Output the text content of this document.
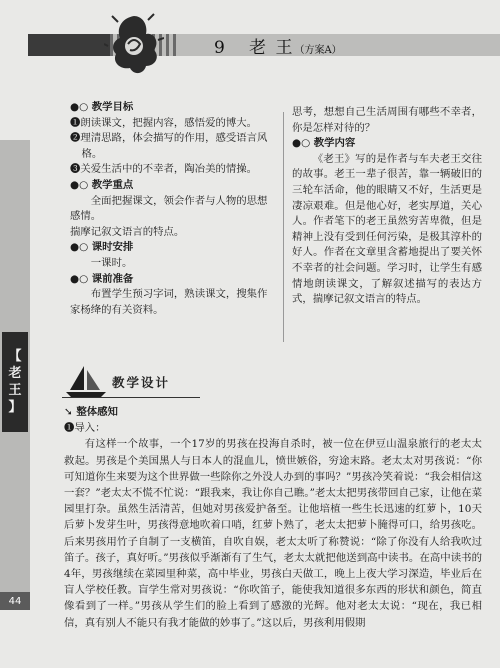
【
老
王
】
44
9 老 王（方案A）

●○ 教学目标

❶朗读课文，把握内容，感悟爱的博大。

❷理清思路，体会描写的作用，感受语言风格。

❸关爱生活中的不幸者，陶冶美的情操。

●○ 教学重点

全面把握课文，领会作者与人物的思想感情。

揣摩记叙文语言的特点。

●○ 课时安排

一课时。

●○ 课前准备

布置学生预习字词，熟读课文，搜集作家杨绛的有关资料。

思考，想想自己生活周围有哪些不幸者，你是怎样对待的？

●○ 教学内容

《老王》写的是作者与车夫老王交往的故事。老王一辈子很苦，靠一辆破旧的三轮车活命，他的眼睛又不好，生活更是凄凉艰难。但是他心好，老实厚道，关心人。作者笔下的老王虽然穷苦卑微，但是精神上没有受到任何污染，是极其淳朴的好人。作者在文章里含蓄地提出了要关怀不幸者的社会问题。学习时，让学生有感情地朗读课文，了解叙述描写的表达方式，揣摩记叙文语言的特点。

教学设计

➘ 整体感知

❶导入：

有这样一个故事，一个17岁的男孩在投海自杀时，被一位在伊豆山温泉旅行的老太太救起。男孩是个美国黑人与日本人的混血儿，愤世嫉俗，穷途末路。老太太对男孩说：“你可知道你生来要为这个世界做一些除你之外没人办到的事吗？”男孩冷笑着说：“我会相信这一套？”老太太不慌不忙说：“跟我来，我让你自己瞧。”老太太把男孩带回自己家，让他在菜园里打杂。虽然生活清苦，但她对男孩爱护备至。让他培植一些生长迅速的红萝卜，10天后萝卜发芽生叶，男孩得意地吹着口哨，红萝卜熟了，老太太把萝卜腌得可口，给男孩吃。后来男孩用竹子自制了一支横笛，自吹自娱，老太太听了称赞说：“除了你没有人给我吹过笛子。孩子，真好听。”男孩似乎渐渐有了生气，老太太就把他送到高中读书。在高中读书的4年，男孩继续在菜园里种菜，高中毕业，男孩白天做工，晚上上夜大学习深造，毕业后在盲人学校任教。盲学生常对男孩说：“你吹笛子，能使我知道很多东西的形状和颜色，简直像看到了一样。”男孩从学生们的脸上看到了感激的光辉。他对老太太说：“现在，我已相信，真有别人不能只有我才能做的妙事了。”这以后，男孩利用假期
